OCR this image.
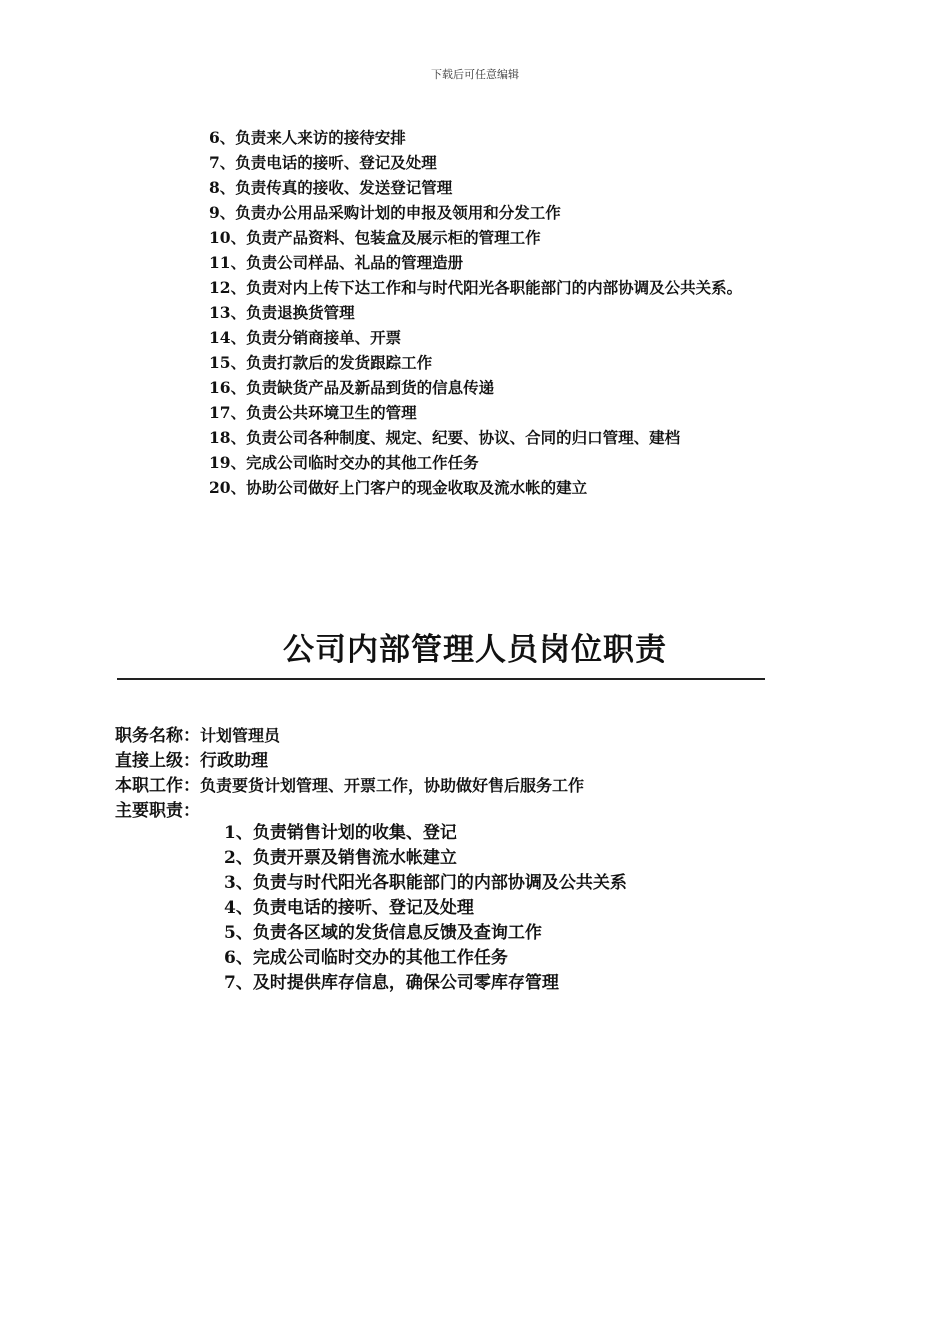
下载后可任意编辑
6、负责来人来访的接待安排
7、负责电话的接听、登记及处理
8、负责传真的接收、发送登记管理
9、负责办公用品采购计划的申报及领用和分发工作
10、负责产品资料、包装盒及展示柜的管理工作
11、负责公司样品、礼品的管理造册
12、负责对内上传下达工作和与时代阳光各职能部门的内部协调及公共关系。
13、负责退换货管理
14、负责分销商接单、开票
15、负责打款后的发货跟踪工作
16、负责缺货产品及新品到货的信息传递
17、负责公共环境卫生的管理
18、负责公司各种制度、规定、纪要、协议、合同的归口管理、建档
19、完成公司临时交办的其他工作任务
20、协助公司做好上门客户的现金收取及流水帐的建立
公司内部管理人员岗位职责
职务名称：计划管理员
直接上级：行政助理
本职工作：负责要货计划管理、开票工作，协助做好售后服务工作
主要职责：
1、负责销售计划的收集、登记
2、负责开票及销售流水帐建立
3、负责与时代阳光各职能部门的内部协调及公共关系
4、负责电话的接听、登记及处理
5、负责各区域的发货信息反馈及查询工作
6、完成公司临时交办的其他工作任务
7、及时提供库存信息，确保公司零库存管理
